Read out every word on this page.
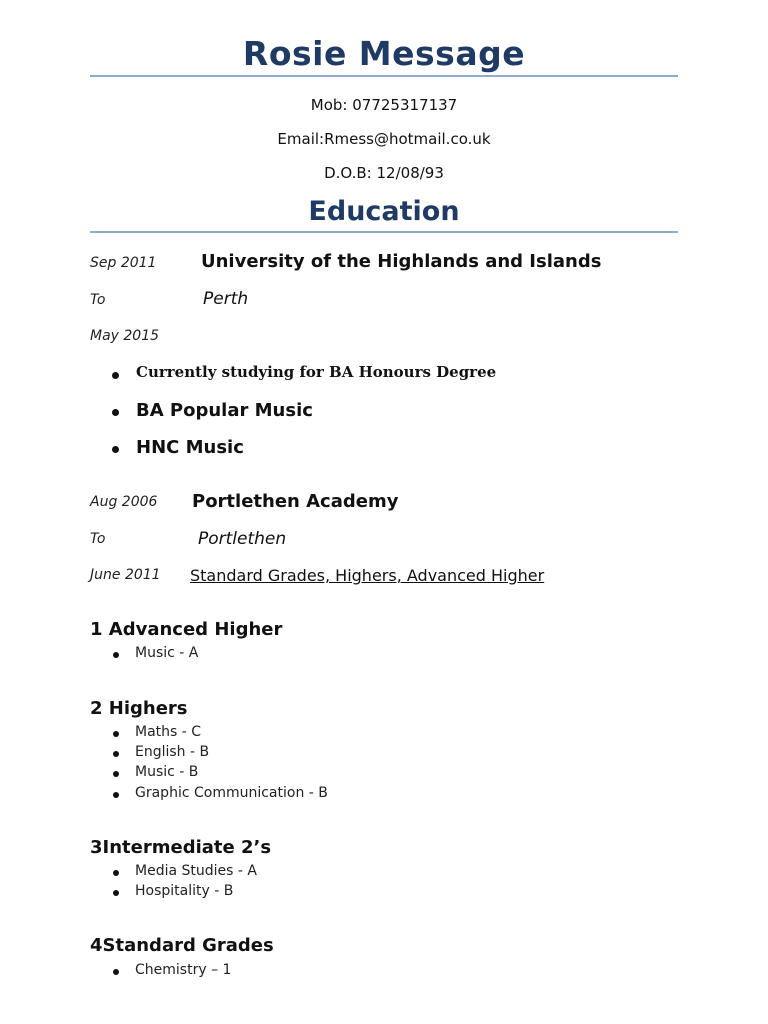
Rosie Message
Mob: 07725317137
Email:Rmess@hotmail.co.uk
D.O.B: 12/08/93
Education
Sep 2011 University of the Highlands and Islands
To	Perth
May 2015
Currently studying for BA Honours Degree
BA Popular Music
HNC Music
Aug 2006 Portlethen Academy
To	Portlethen
June 2011 Standard Grades, Highers, Advanced Higher
1 Advanced Higher
Music - A
2 Highers
Maths - C
English - B
Music - B
Graphic Communication - B
3Intermediate 2’s
Media Studies - A
Hospitality - B
4Standard Grades
Chemistry – 1
